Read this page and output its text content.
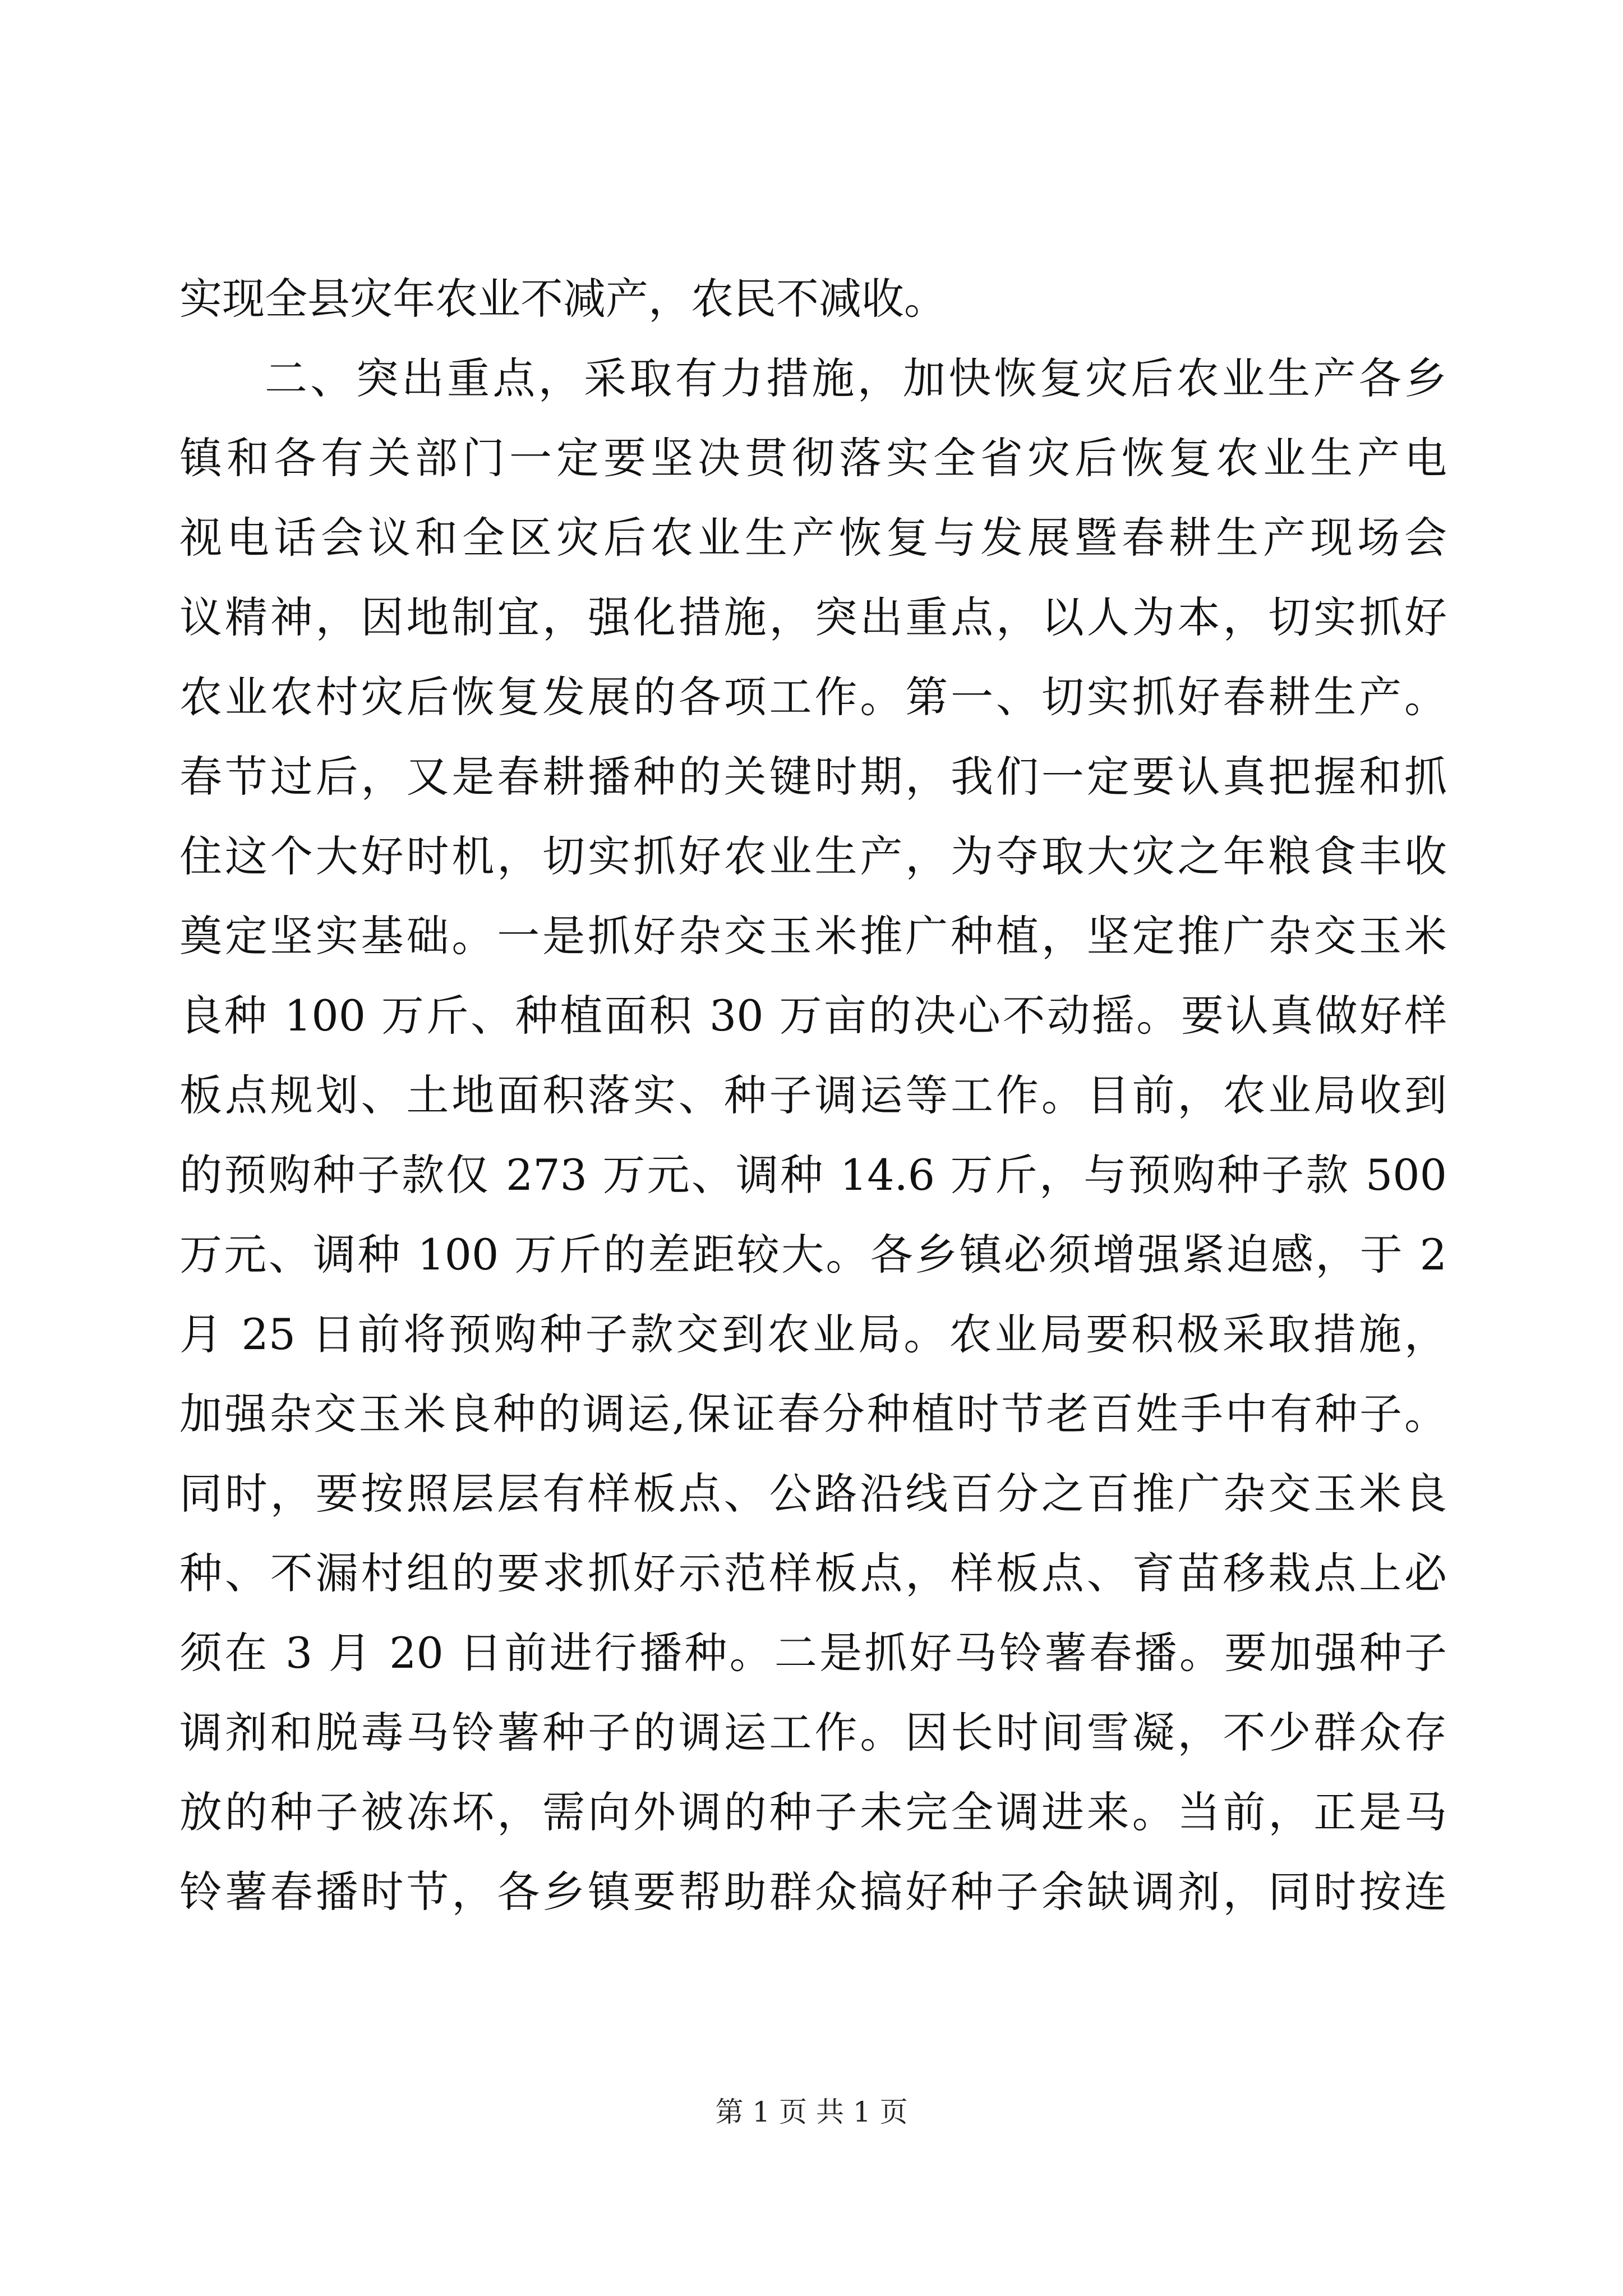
实现全县灾年农业不减产，农民不减收。
二、突出重点，采取有力措施，加快恢复灾后农业生产各乡
镇和各有关部门一定要坚决贯彻落实全省灾后恢复农业生产电
视电话会议和全区灾后农业生产恢复与发展暨春耕生产现场会
议精神，因地制宜，强化措施，突出重点，以人为本，切实抓好
农业农村灾后恢复发展的各项工作。第一、切实抓好春耕生产。
春节过后，又是春耕播种的关键时期，我们一定要认真把握和抓
住这个大好时机，切实抓好农业生产，为夺取大灾之年粮食丰收
奠定坚实基础。一是抓好杂交玉米推广种植，坚定推广杂交玉米
良种 100 万斤、种植面积 30 万亩的决心不动摇。要认真做好样
板点规划、土地面积落实、种子调运等工作。目前，农业局收到
的预购种子款仅 273 万元、调种 14.6 万斤，与预购种子款 500
万元、调种 100 万斤的差距较大。各乡镇必须增强紧迫感，于 2
月 25 日前将预购种子款交到农业局。农业局要积极采取措施，
加强杂交玉米良种的调运,保证春分种植时节老百姓手中有种子。
同时，要按照层层有样板点、公路沿线百分之百推广杂交玉米良
种、不漏村组的要求抓好示范样板点，样板点、育苗移栽点上必
须在 3 月 20 日前进行播种。二是抓好马铃薯春播。要加强种子
调剂和脱毒马铃薯种子的调运工作。因长时间雪凝，不少群众存
放的种子被冻坏，需向外调的种子未完全调进来。当前，正是马
铃薯春播时节，各乡镇要帮助群众搞好种子余缺调剂，同时按连
第 1 页 共 1 页
